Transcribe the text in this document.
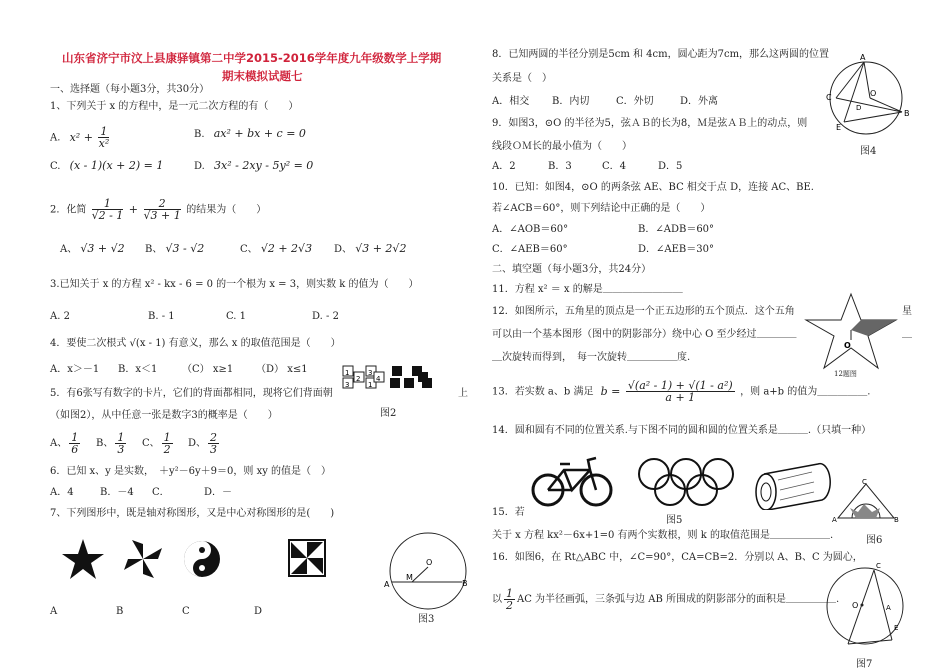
山东省济宁市汶上县康驿镇第二中学2015-2016学年度九年级数学上学期
期末模拟试题七
一、选择题（每小题3分，共30分）
1、下列关于 x 的方程中，是一元二次方程的有（　　）
A. $x^2 + \frac{1}{\text{x²}}$	B. ax² + bx + c = 0
C. (x - 1)(x + 2) = 1	D. 3x² - 2xy - 5y² = 0
2．化简 $\frac{1}{√2 - 1} + \frac{2}{√3 + 1}$ 的结果为（　　）
A、 √3 + √2 B、 √3 - √2	C、 √2 + 2√3 D、 √3 + 2√2
3.已知关于 x 的方程 x² - kx - 6 = 0 的一个根为 x = 3，则实数 k 的值为（　　）
A. 2	B. - 1	C. 1	D. - 2
4．要使二次根式 √(x - 1) 有意义，那么 x 的取值范围是（　　）
A．x＞－1 B．x＜1 （C） x≥1 （D） x≤1
5．有6张写有数字的卡片，它们的背面都相同，现将它们背面朝	上
（如图2），从中任意一张是数字3的概率是（　　）
1
3
2
3
1
4
图2
A、 $\frac{1}{6}$ B、 $\frac{1}{3}$ C、 $\frac{1}{2}$ D、 $\frac{2}{3}$
6．已知 x、y 是实数，　＋y²－6y＋9＝0，则 xy 的值是（　）
A．4	B．－4 C．	D．－
7、下列图形中，既是轴对称图形，又是中心对称图形的是(　　)
A	B	C	D
O
A
M
B
图3
8．已知两圆的半径分别是5cm 和 4cm，圆心距为7cm，那么这两圆的位置
关系是（　）
A．相交 B．内切	C．外切	D．外离
9．如图3，⊙O 的半径为5，弦ＡＢ的长为8，Ｍ是弦ＡＢ上的动点，则
线段ＯＭ长的最小值为（　　）
A．2	B．3	C．4	D．5
10．已知：如图4，⊙O 的两条弦 AE、BC 相交于点 D，连接 AC、BE.
若∠ACB＝60°，则下列结论中正确的是（　　）
A．∠AOB＝60°	B．∠ADB＝60°
C．∠AEB＝60°	D．∠AEB＝30°
A
C	O
B
E
D
图4
二、填空题（每小题3分，共24分）
11．方程 x² ＝ x 的解是＿＿＿＿＿＿＿＿
12．如图所示，五角星的顶点是一个正五边形的五个顶点．这个五角	星
可以由一个基本图形（图中的阴影部分）绕中心 O 至少经过＿＿＿＿	＿
＿次旋转而得到，　每一次旋转＿＿＿＿＿度.
O
12题图
13．若实数 a、b 满足 $b = \frac{\text{√(a² - 1) + √(1 - a²)}}{a + 1}$ ，则 a+b 的值为＿＿＿＿＿.
14．圆和圆有不同的位置关系.与下图不同的圆和圆的位置关系是＿＿＿.（只填一种）
图5
C
A	B
图6
15．若
关于 x 方程 kx²－6x+1=0 有两个实数根，则 k 的取值范围是＿＿＿＿＿＿.
16．如图6，在 Rt△ABC 中，∠C=90°，CA=CB=2．分别以 A、B、C 为圆心，
以 $\frac{1}{2}$ AC 为半径画弧，三条弧与边 AB 所围成的阴影部分的面积是＿＿＿＿＿.
O
C
E
A
图7
